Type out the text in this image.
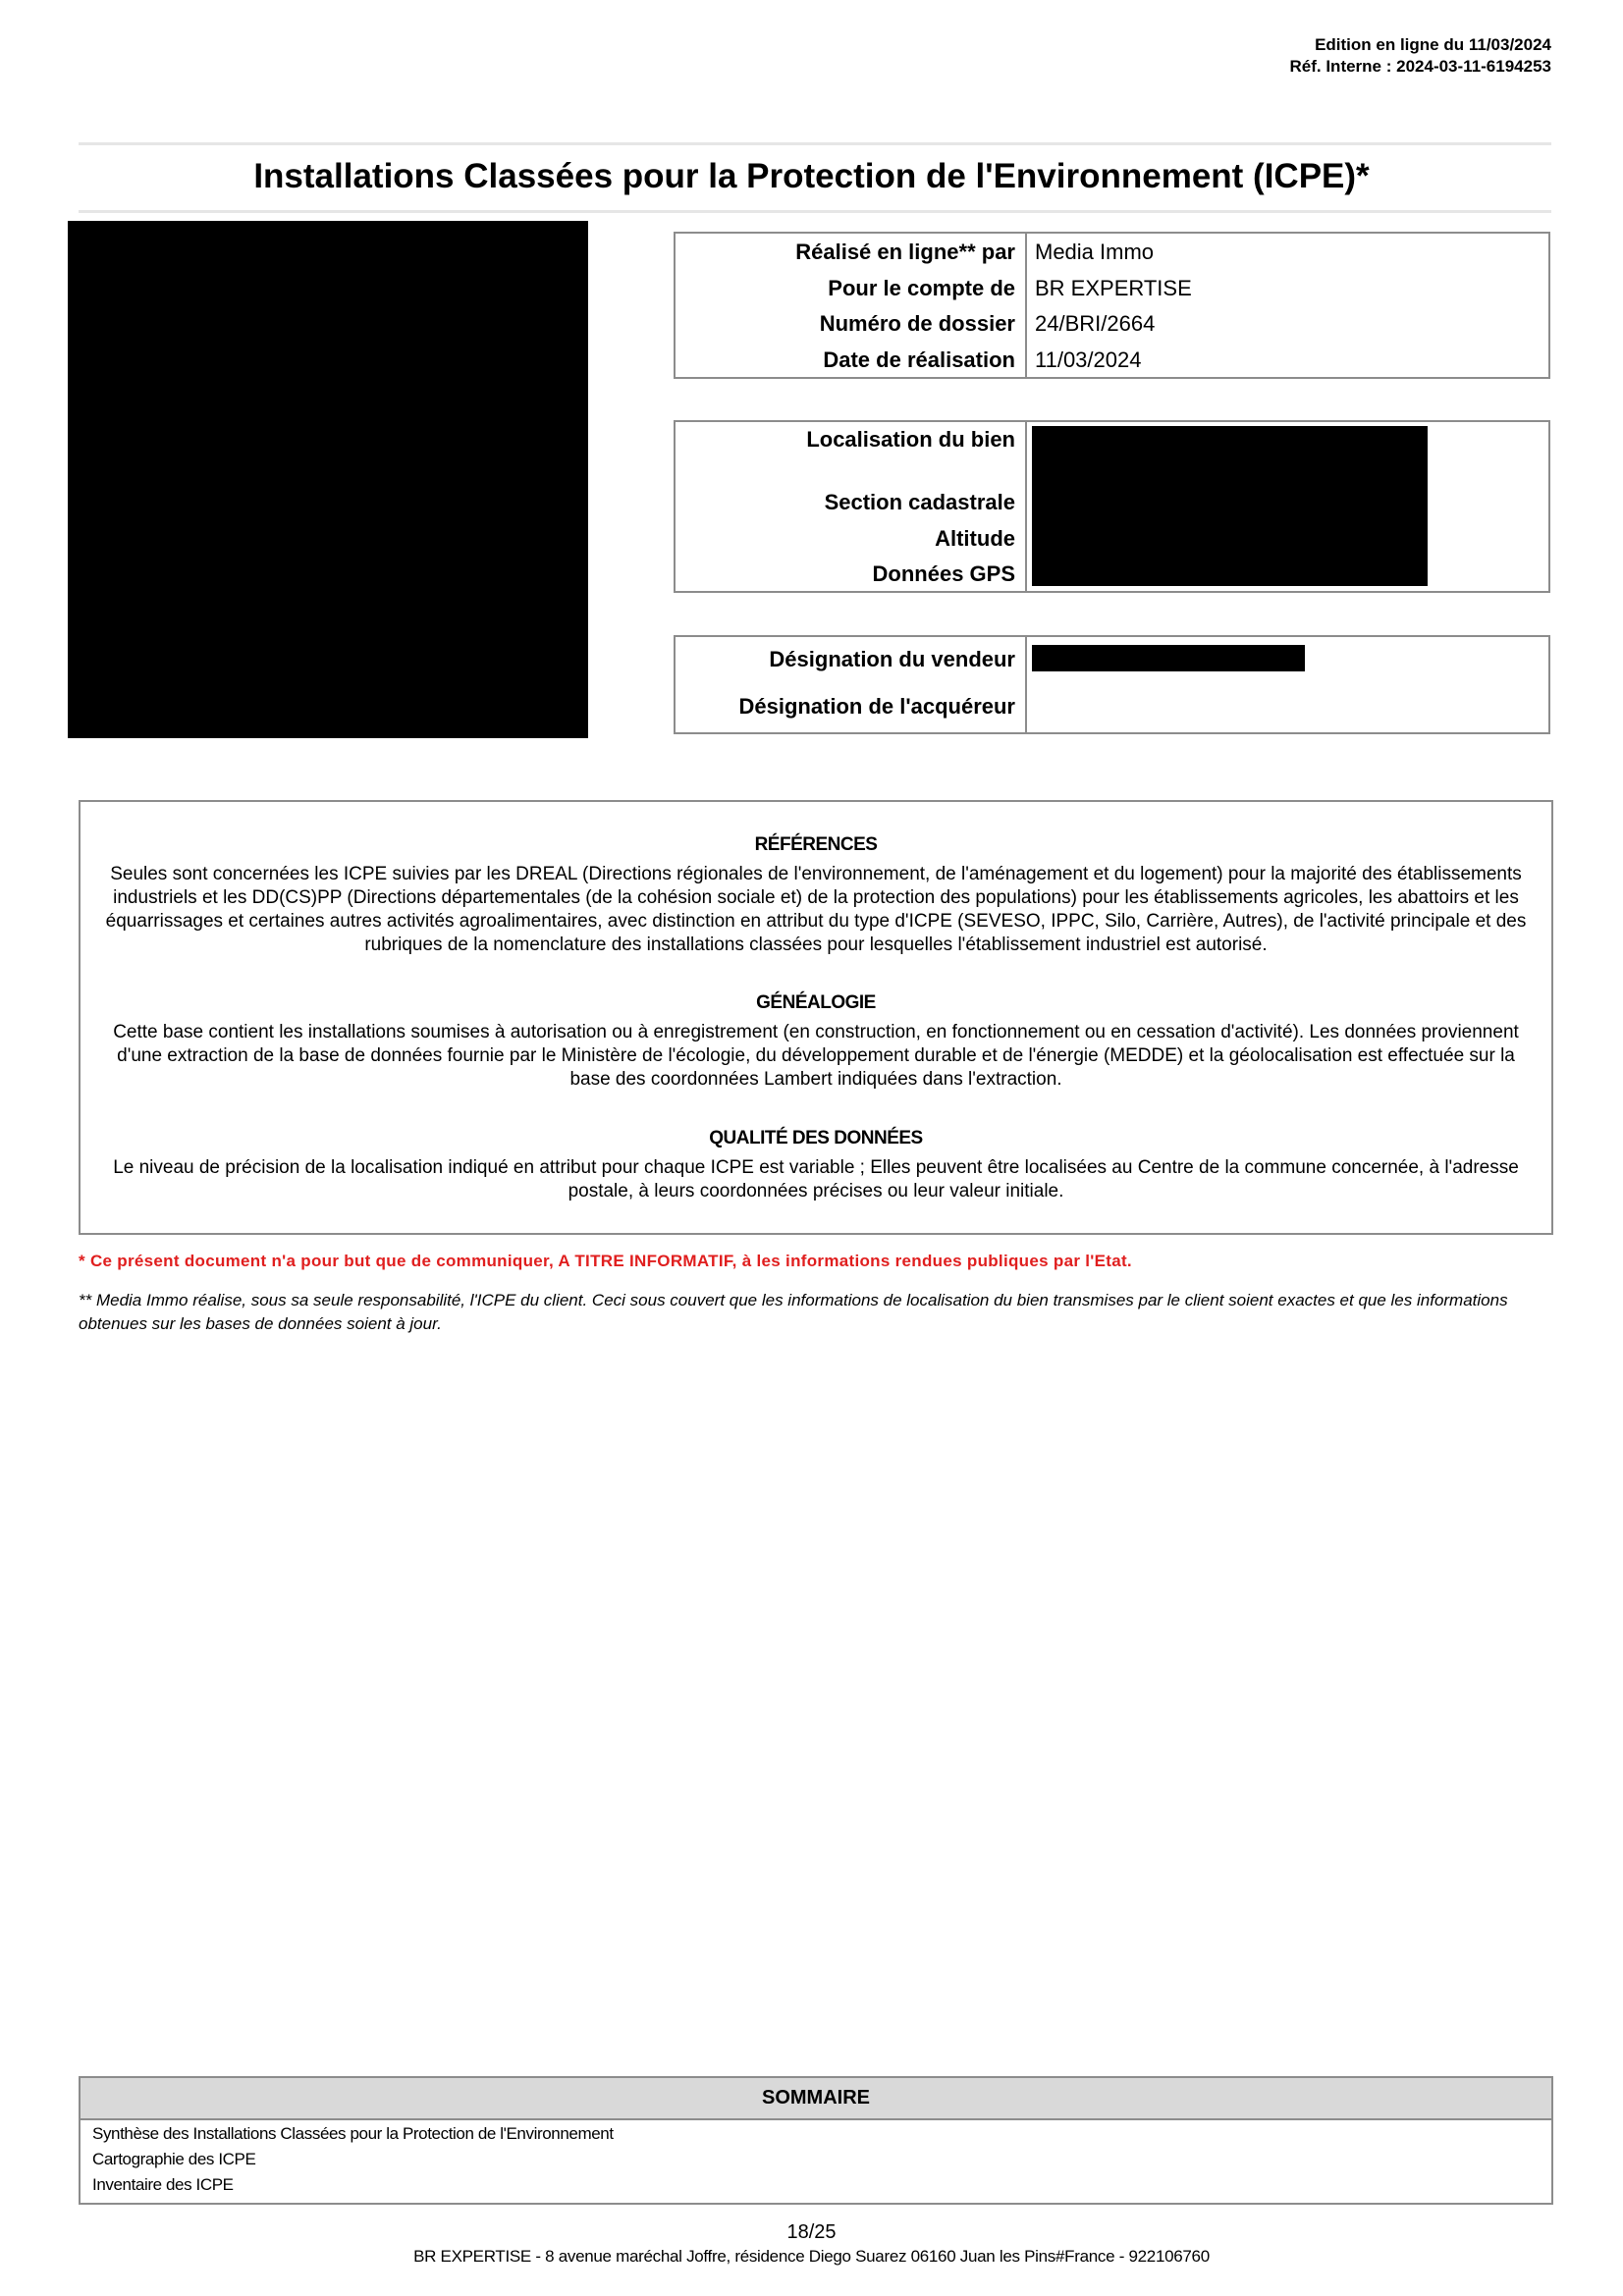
Edition en ligne du 11/03/2024
Réf. Interne : 2024-03-11-6194253
Installations Classées pour la Protection de l'Environnement (ICPE)*
Réalisé en ligne** par Media Immo
Pour le compte de BR EXPERTISE
Numéro de dossier 24/BRI/2664
Date de réalisation 11/03/2024
Localisation du bien
Section cadastrale
Altitude
Données GPS
Désignation du vendeur
Désignation de l'acquéreur
RÉFÉRENCES
Seules sont concernées les ICPE suivies par les DREAL (Directions régionales de l'environnement, de l'aménagement et du logement) pour la majorité des établissements industriels et les DD(CS)PP (Directions départementales (de la cohésion sociale et) de la protection des populations) pour les établissements agricoles, les abattoirs et les équarrissages et certaines autres activités agroalimentaires, avec distinction en attribut du type d'ICPE (SEVESO, IPPC, Silo, Carrière, Autres), de l'activité principale et des rubriques de la nomenclature des installations classées pour lesquelles l'établissement industriel est autorisé.
GÉNÉALOGIE
Cette base contient les installations soumises à autorisation ou à enregistrement (en construction, en fonctionnement ou en cessation d'activité). Les données proviennent d'une extraction de la base de données fournie par le Ministère de l'écologie, du développement durable et de l'énergie (MEDDE) et la géolocalisation est effectuée sur la base des coordonnées Lambert indiquées dans l'extraction.
QUALITÉ DES DONNÉES
Le niveau de précision de la localisation indiqué en attribut pour chaque ICPE est variable ; Elles peuvent être localisées au Centre de la commune concernée, à l'adresse postale, à leurs coordonnées précises ou leur valeur initiale.
* Ce présent document n'a pour but que de communiquer, A TITRE INFORMATIF, à les informations rendues publiques par l'Etat.
** Media Immo réalise, sous sa seule responsabilité, l'ICPE du client. Ceci sous couvert que les informations de localisation du bien transmises par le client soient exactes et que les informations obtenues sur les bases de données soient à jour.
SOMMAIRE
Synthèse des Installations Classées pour la Protection de l'Environnement
Cartographie des ICPE
Inventaire des ICPE
18/25
BR EXPERTISE - 8 avenue maréchal Joffre, résidence Diego Suarez 06160 Juan les Pins#France - 922106760
